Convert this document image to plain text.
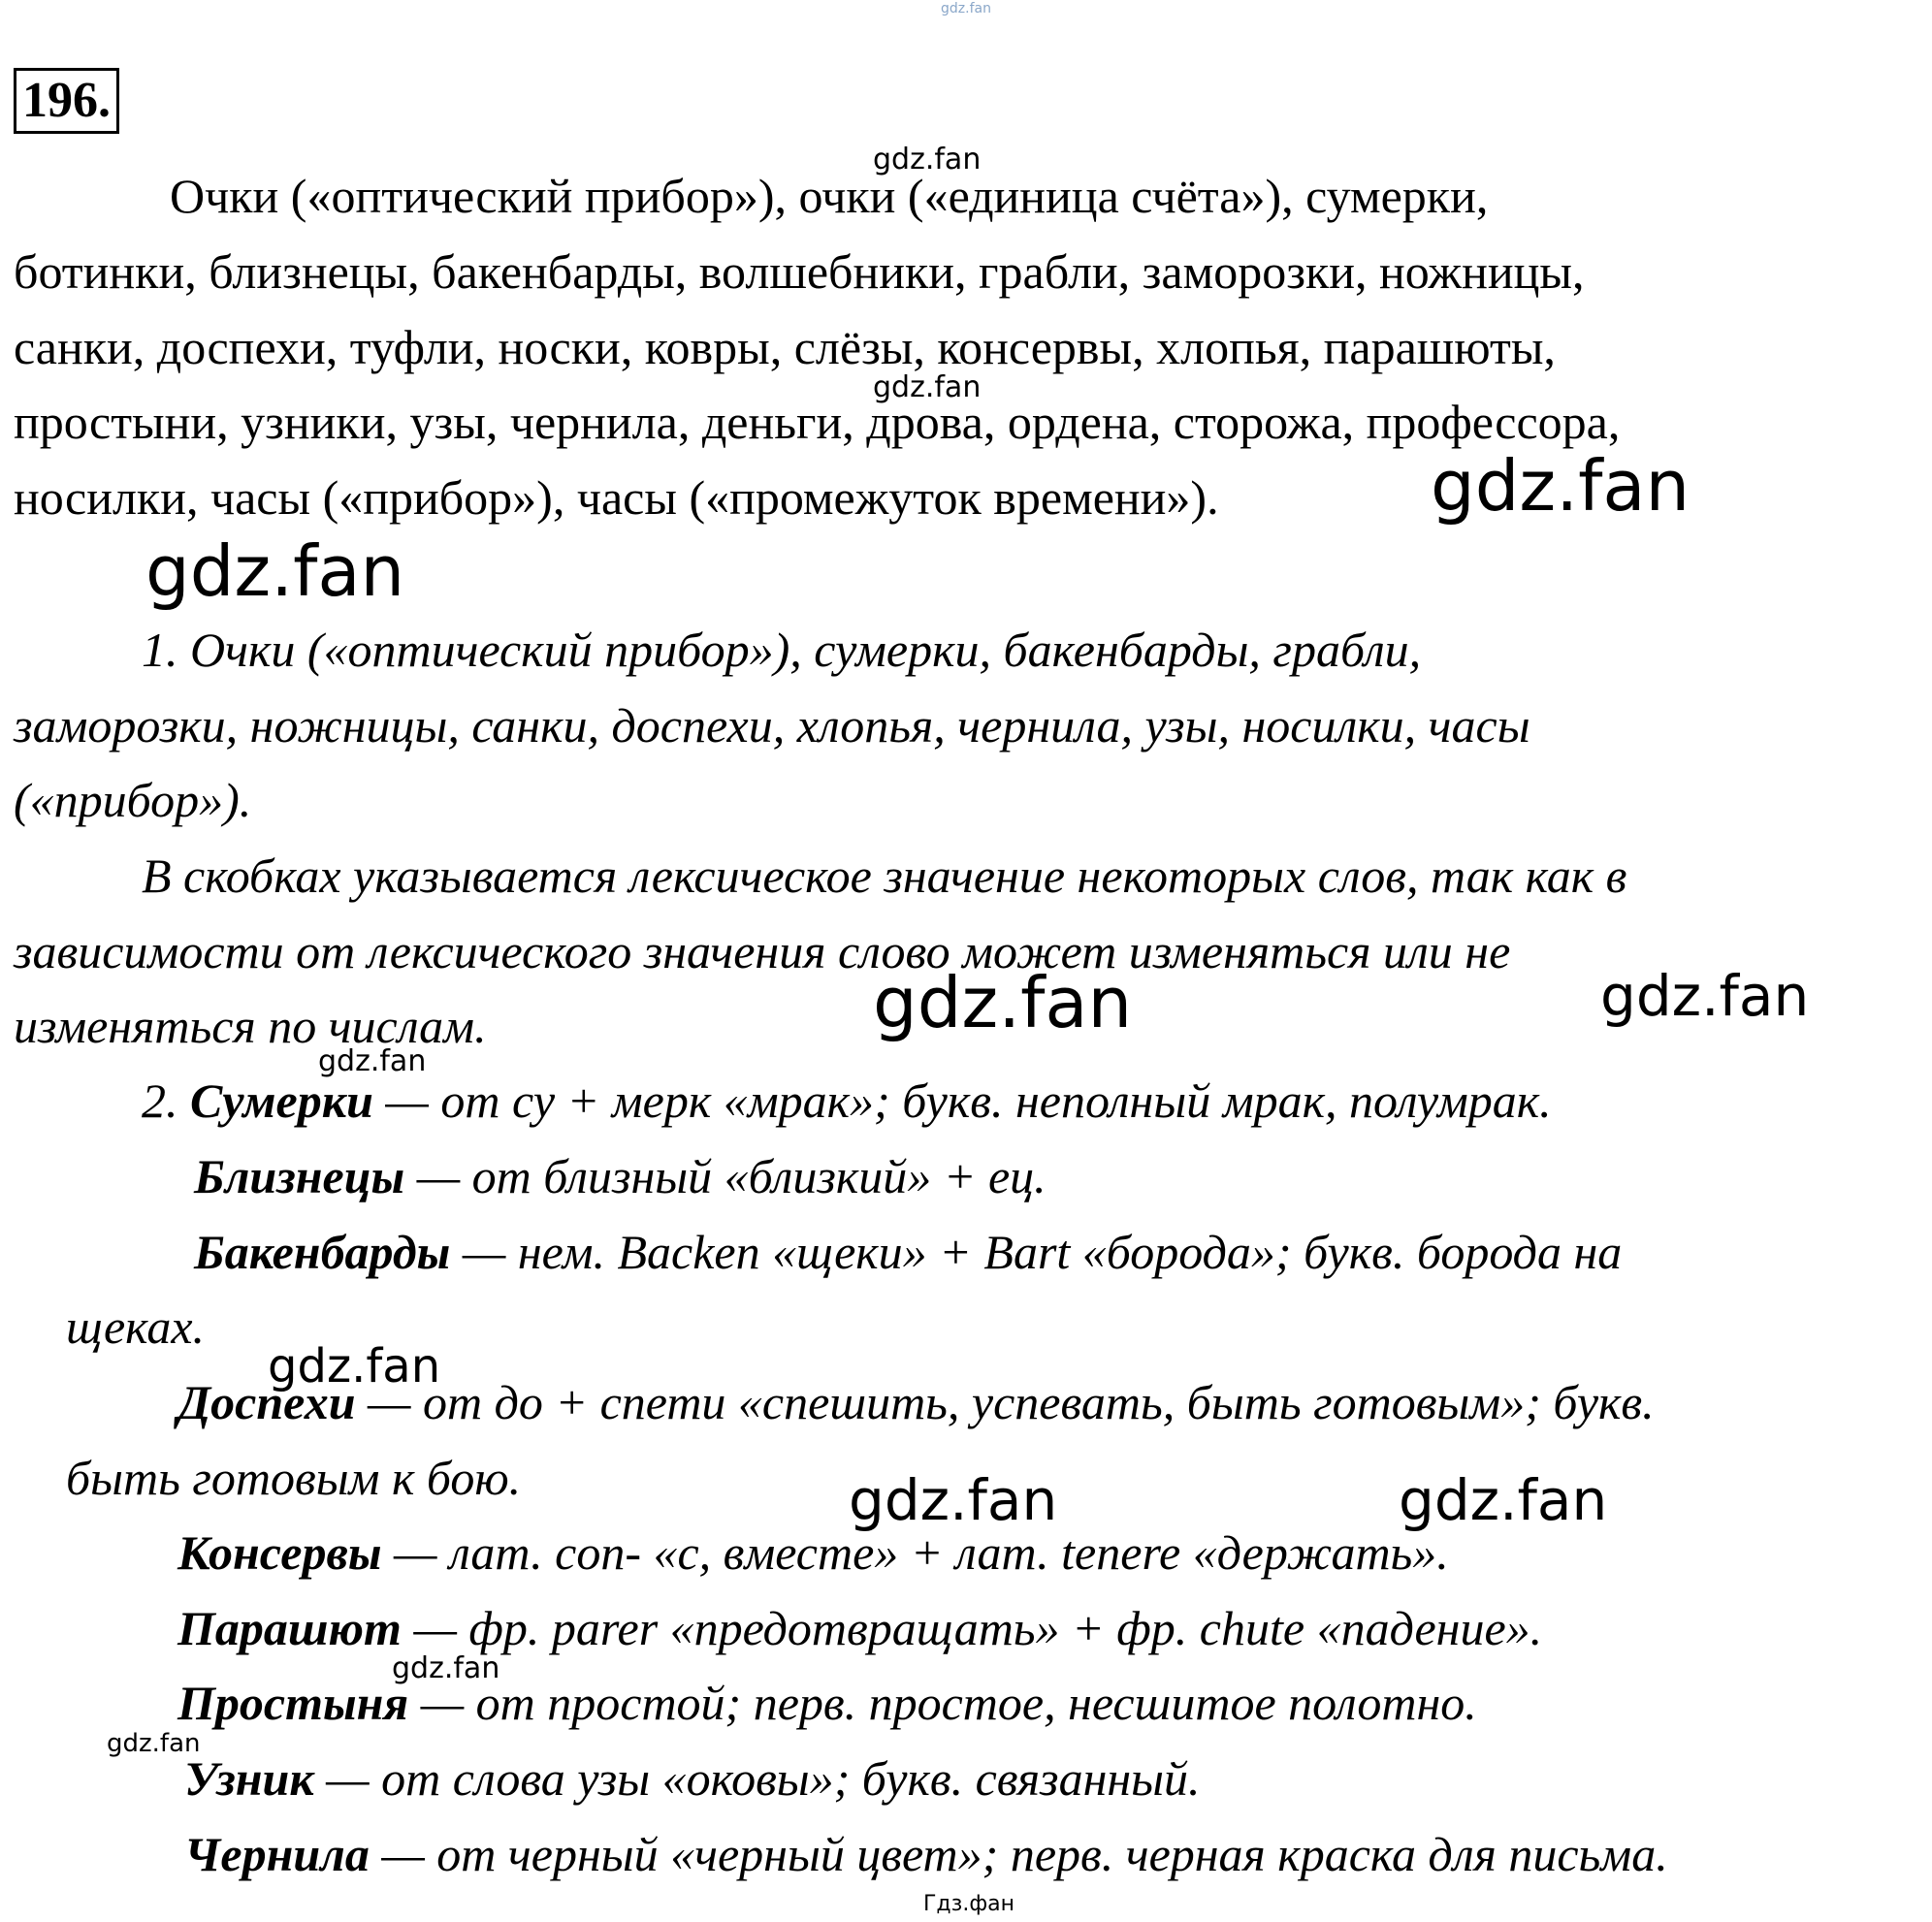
gdz.fan
196.
Очки («оптический прибор»), очки («единица счёта»), сумерки,
ботинки, близнецы, бакенбарды, волшебники, грабли, заморозки, ножницы,
санки, доспехи, туфли, носки, ковры, слёзы, консервы, хлопья, парашюты,
простыни, узники, узы, чернила, деньги, дрова, ордена, сторожа, профессора,
носилки, часы («прибор»), часы («промежуток времени»).
1. Очки («оптический прибор»), сумерки, бакенбарды, грабли,
заморозки, ножницы, санки, доспехи, хлопья, чернила, узы, носилки, часы
(«прибор»).
В скобках указывается лексическое значение некоторых слов, так как в
зависимости от лексического значения слово может изменяться или не
изменяться по числам.
2. Сумерки — от су + мерк «мрак»; букв. неполный мрак, полумрак.
Близнецы — от близный «близкий» + ец.
Бакенбарды — нем. Backen «щеки» + Bart «борода»; букв. борода на
щеках.
Доспехи — от до + спети «спешить, успевать, быть готовым»; букв.
быть готовым к бою.
Консервы — лат. con- «с, вместе» + лат. tenere «держать».
Парашют — фр. parer «предотвращать» + фр. chute «падение».
Простыня — от простой; перв. простое, несшитое полотно.
Узник — от слова узы «оковы»; букв. связанный.
Чернила — от черный «черный цвет»; перв. черная краска для письма.
gdz.fan
gdz.fan
gdz.fan
gdz.fan
gdz.fan	gdz.fan
gdz.fan
gdz.fan
gdz.fan	gdz.fan
gdz.fan
gdz.fan
Гдз.фан
